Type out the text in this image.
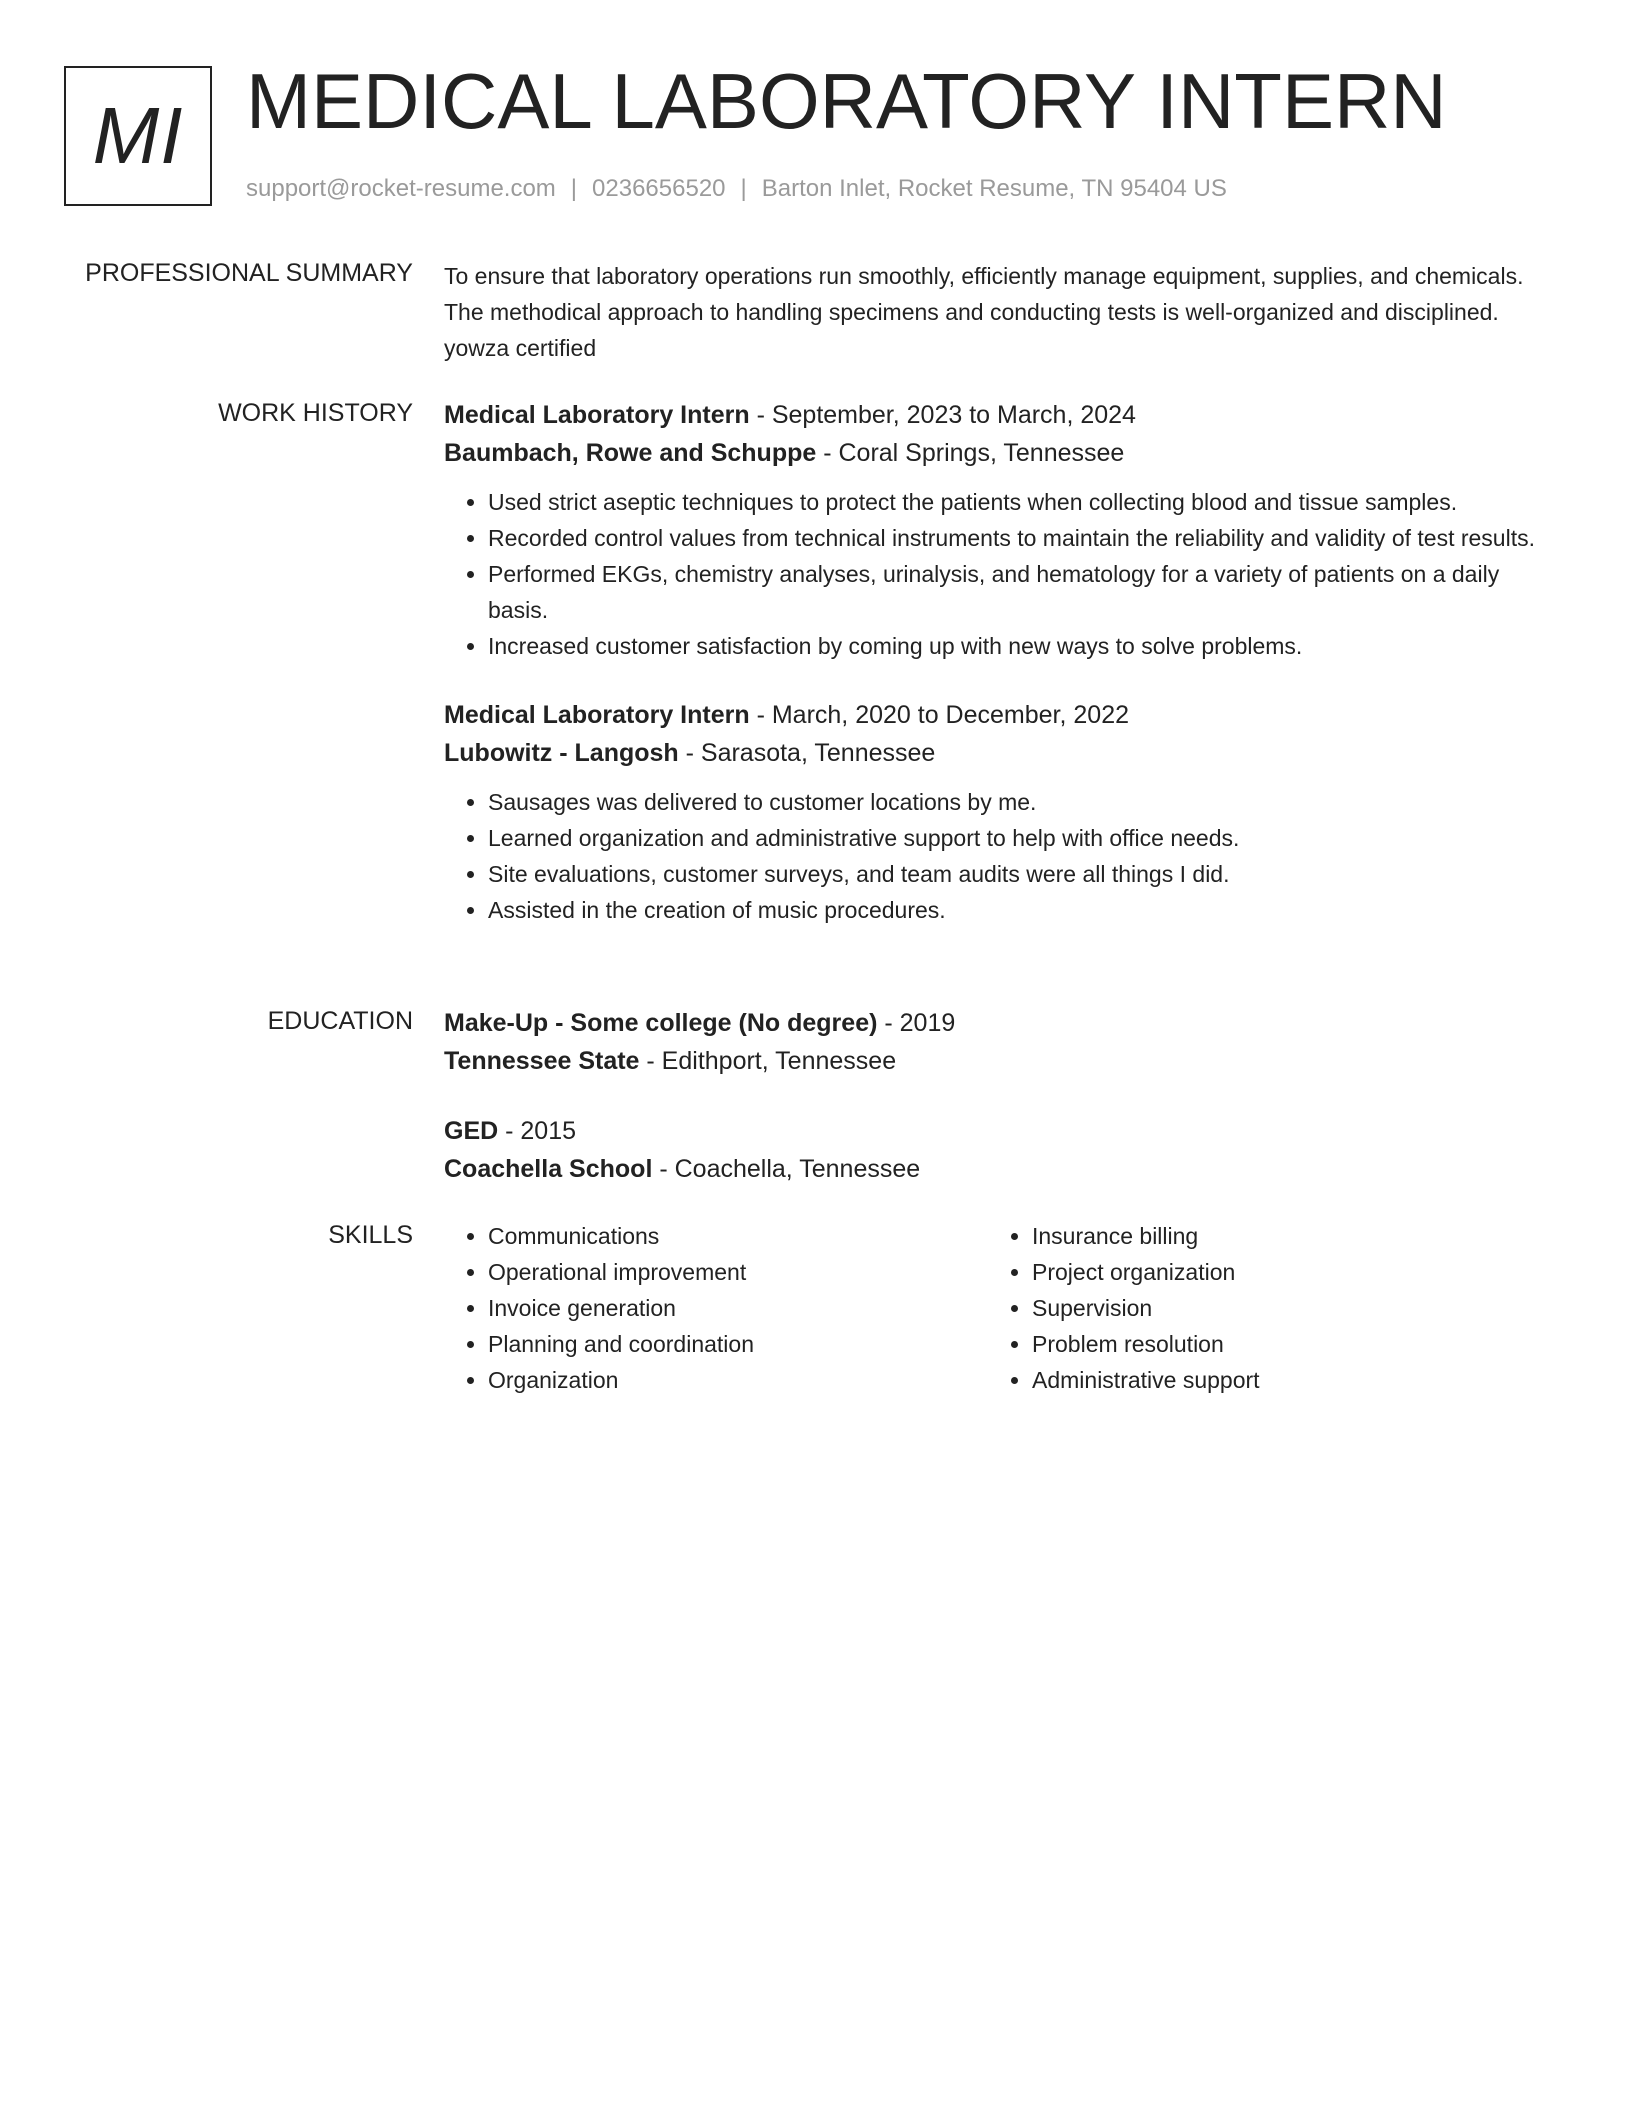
MI MEDICAL LABORATORY INTERN
support@rocket-resume.com | 0236656520 | Barton Inlet, Rocket Resume, TN 95404 US
PROFESSIONAL SUMMARY To ensure that laboratory operations run smoothly, efficiently manage equipment, supplies, and chemicals. The methodical approach to handling specimens and conducting tests is well-organized and disciplined. yowza certified

WORK HISTORY Medical Laboratory Intern - September, 2023 to March, 2024
Baumbach, Rowe and Schuppe - Coral Springs, Tennessee
• Used strict aseptic techniques to protect the patients when collecting blood and tissue samples.
• Recorded control values from technical instruments to maintain the reliability and validity of test results.
• Performed EKGs, chemistry analyses, urinalysis, and hematology for a variety of patients on a daily basis.
• Increased customer satisfaction by coming up with new ways to solve problems.
Medical Laboratory Intern - March, 2020 to December, 2022
Lubowitz - Langosh - Sarasota, Tennessee
• Sausages was delivered to customer locations by me.
• Learned organization and administrative support to help with office needs.
• Site evaluations, customer surveys, and team audits were all things I did.
• Assisted in the creation of music procedures.
EDUCATION Make-Up - Some college (No degree) - 2019
Tennessee State - Edithport, Tennessee
GED - 2015
Coachella School - Coachella, Tennessee
SKILLS
•	Communications
• Operational improvement
• Invoice generation
• Planning and coordination
• Organization
• Insurance billing
• Project organization
• Supervision
• Problem resolution
• Administrative support
